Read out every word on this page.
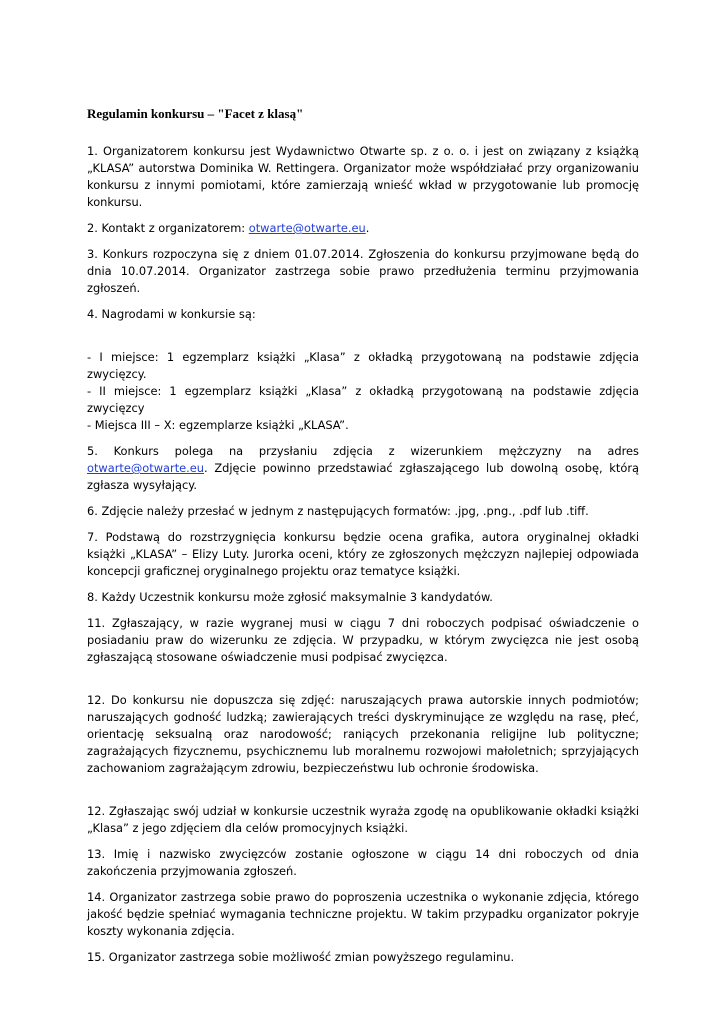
Regulamin konkursu – "Facet z klasą"

1. Organizatorem konkursu jest Wydawnictwo Otwarte sp. z o. o. i jest on związany z książką „KLASA” autorstwa Dominika W. Rettingera. Organizator może współdziałać przy organizowaniu konkursu z innymi pomiotami, które zamierzają wnieść wkład w przygotowanie lub promocję konkursu.

2. Kontakt z organizatorem: otwarte@otwarte.eu.

3. Konkurs rozpoczyna się z dniem 01.07.2014. Zgłoszenia do konkursu przyjmowane będą do dnia 10.07.2014. Organizator zastrzega sobie prawo przedłużenia terminu przyjmowania zgłoszeń.

4. Nagrodami w konkursie są:

- I miejsce: 1 egzemplarz książki „Klasa” z okładką przygotowaną na podstawie zdjęcia zwycięzcy.
- II miejsce: 1 egzemplarz książki „Klasa” z okładką przygotowaną na podstawie zdjęcia zwycięzcy
- Miejsca III – X: egzemplarze książki „KLASA”.

5. Konkurs polega na przysłaniu zdjęcia z wizerunkiem mężczyzny na adres otwarte@otwarte.eu. Zdjęcie powinno przedstawiać zgłaszającego lub dowolną osobę, którą zgłasza wysyłający.

6. Zdjęcie należy przesłać w jednym z następujących formatów: .jpg, .png., .pdf lub .tiff.

7. Podstawą do rozstrzygnięcia konkursu będzie ocena grafika, autora oryginalnej okładki książki „KLASA” – Elizy Luty. Jurorka oceni, który ze zgłoszonych mężczyzn najlepiej odpowiada koncepcji graficznej oryginalnego projektu oraz tematyce książki.

8. Każdy Uczestnik konkursu może zgłosić maksymalnie 3 kandydatów.

11. Zgłaszający, w razie wygranej musi w ciągu 7 dni roboczych podpisać oświadczenie o posiadaniu praw do wizerunku ze zdjęcia. W przypadku, w którym zwycięzca nie jest osobą zgłaszającą stosowane oświadczenie musi podpisać zwycięzca.

12. Do konkursu nie dopuszcza się zdjęć: naruszających prawa autorskie innych podmiotów; naruszających godność ludzką; zawierających treści dyskryminujące ze względu na rasę, płeć, orientację seksualną oraz narodowość; raniących przekonania religijne lub polityczne; zagrażających fizycznemu, psychicznemu lub moralnemu rozwojowi małoletnich; sprzyjających zachowaniom zagrażającym zdrowiu, bezpieczeństwu lub ochronie środowiska.

12. Zgłaszając swój udział w konkursie uczestnik wyraża zgodę na opublikowanie okładki książki „Klasa” z jego zdjęciem dla celów promocyjnych książki.

13. Imię i nazwisko zwycięzców zostanie ogłoszone w ciągu 14 dni roboczych od dnia zakończenia przyjmowania zgłoszeń.

14. Organizator zastrzega sobie prawo do poproszenia uczestnika o wykonanie zdjęcia, którego jakość będzie spełniać wymagania techniczne projektu. W takim przypadku organizator pokryje koszty wykonania zdjęcia.

15. Organizator zastrzega sobie możliwość zmian powyższego regulaminu.
